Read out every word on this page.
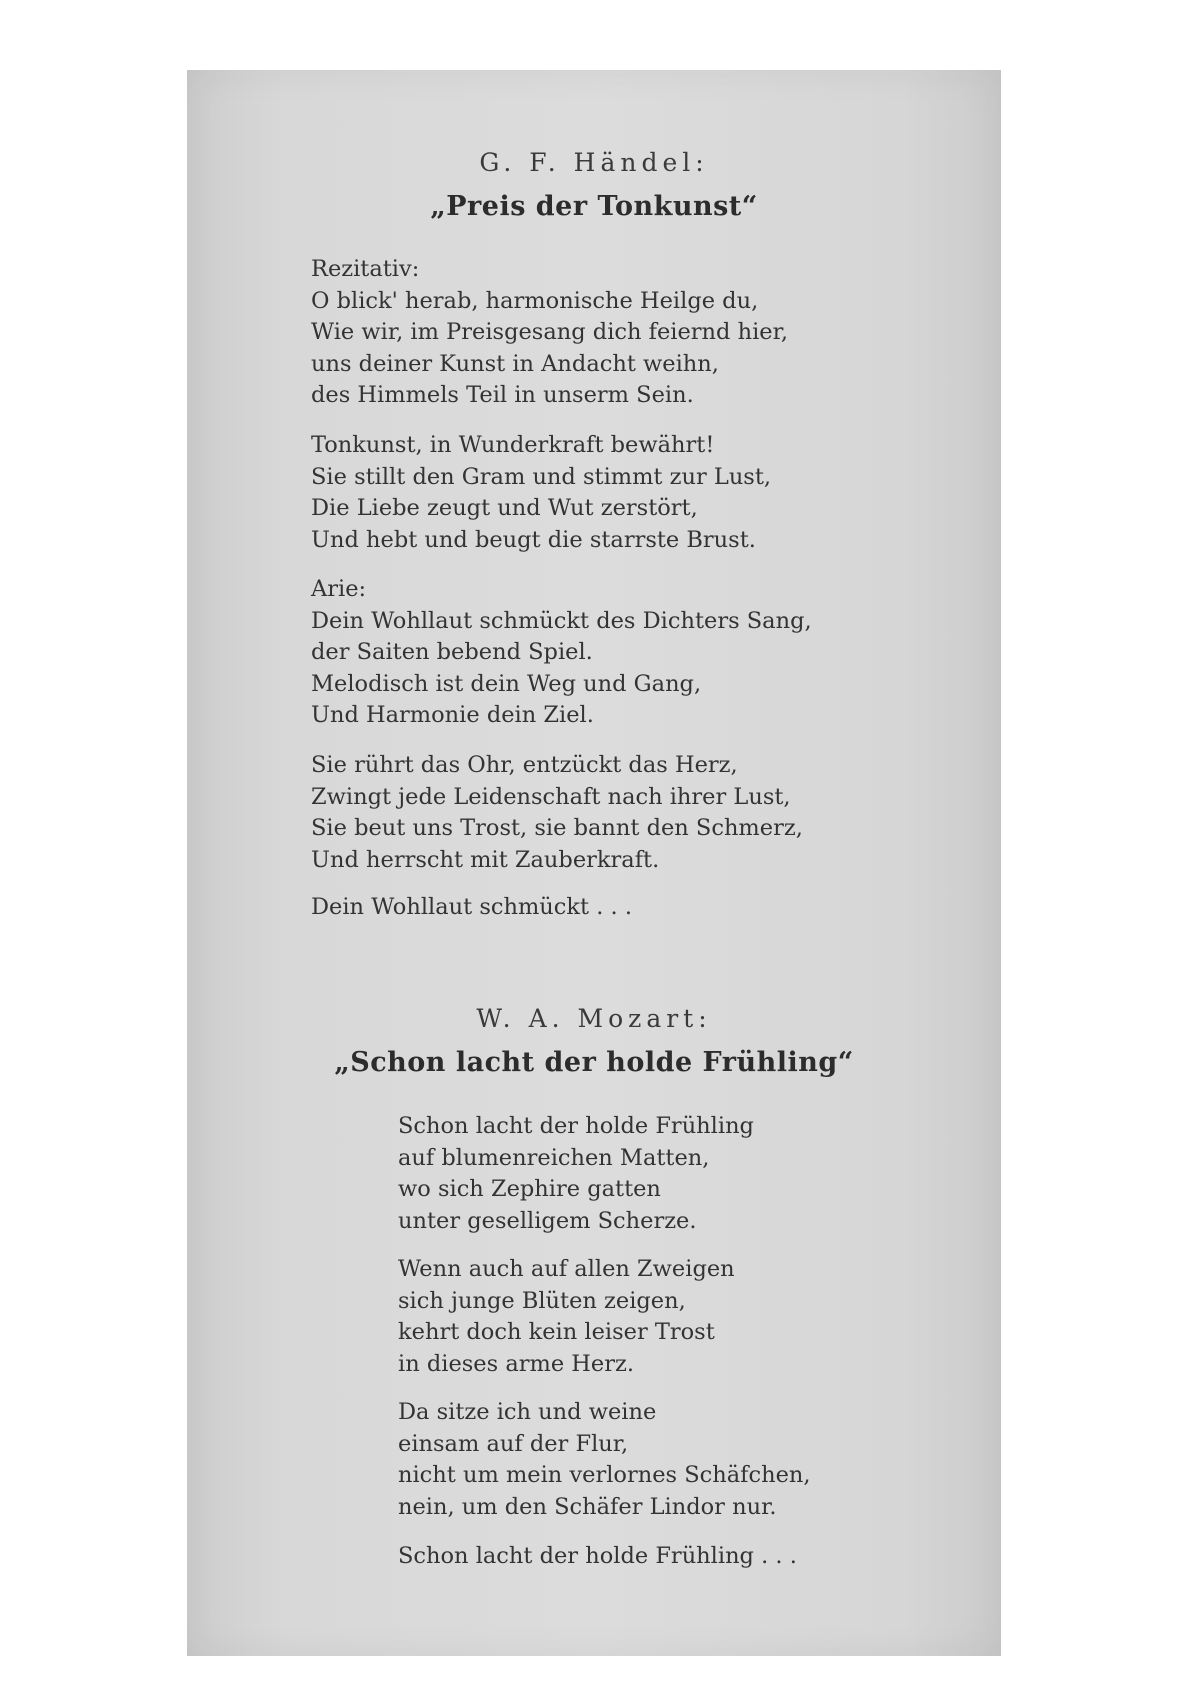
G. F. Händel:
„Preis der Tonkunst“
Rezitativ:
O blick' herab, harmonische Heilge du,
Wie wir, im Preisgesang dich feiernd hier,
uns deiner Kunst in Andacht weihn,
des Himmels Teil in unserm Sein.
Tonkunst, in Wunderkraft bewährt!
Sie stillt den Gram und stimmt zur Lust,
Die Liebe zeugt und Wut zerstört,
Und hebt und beugt die starrste Brust.
Arie:
Dein Wohllaut schmückt des Dichters Sang,
der Saiten bebend Spiel.
Melodisch ist dein Weg und Gang,
Und Harmonie dein Ziel.
Sie rührt das Ohr, entzückt das Herz,
Zwingt jede Leidenschaft nach ihrer Lust,
Sie beut uns Trost, sie bannt den Schmerz,
Und herrscht mit Zauberkraft.
Dein Wohllaut schmückt . . .
W. A. Mozart:
„Schon lacht der holde Frühling“
Schon lacht der holde Frühling
auf blumenreichen Matten,
wo sich Zephire gatten
unter geselligem Scherze.
Wenn auch auf allen Zweigen
sich junge Blüten zeigen,
kehrt doch kein leiser Trost
in dieses arme Herz.
Da sitze ich und weine
einsam auf der Flur,
nicht um mein verlornes Schäfchen,
nein, um den Schäfer Lindor nur.
Schon lacht der holde Frühling . . .
